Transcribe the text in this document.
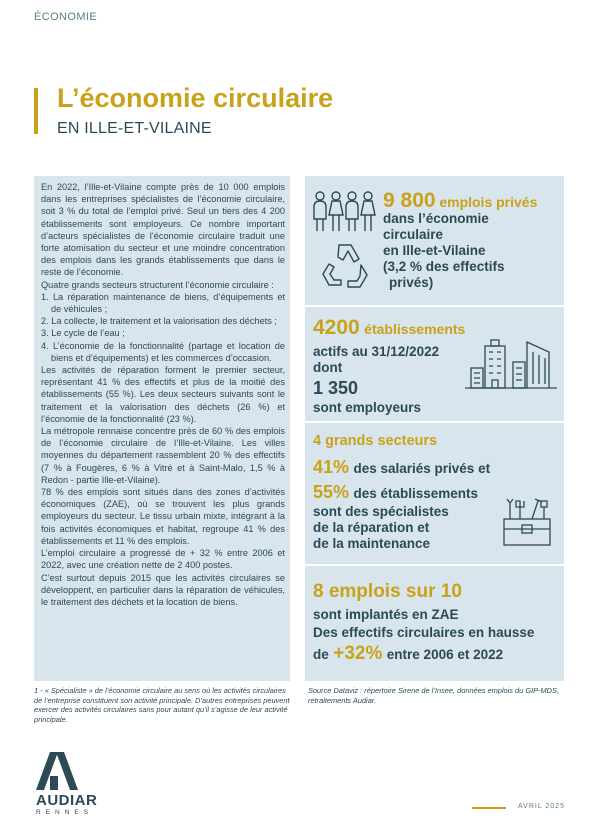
ÉCONOMIE
L’économie circulaire
EN ILLE-ET-VILAINE

En 2022, l’Ille-et-Vilaine compte près de 10 000 emplois dans les entreprises spécialistes de l’économie circulaire, soit 3 % du total de l’emploi privé. Seul un tiers des 4 200 établissements sont employeurs. Ce nombre important d’acteurs spécialistes de l’économie circulaire traduit une forte atomisation du secteur et une moindre concentration des emplois dans les grands établissements que dans le reste de l’économie.

Quatre grands secteurs structurent l’économie circulaire :

1. La réparation maintenance de biens, d’équipements et de véhicules ;
2. La collecte, le traitement et la valorisation des déchets ;
3. Le cycle de l’eau ;
4. L’économie de la fonctionnalité (partage et location de biens et d’équipements) et les commerces d’occasion.

Les activités de réparation forment le premier secteur, représentant 41 % des effectifs et plus de la moitié des établissements (55 %). Les deux secteurs suivants sont le traitement et la valorisation des déchets (26 %) et l’économie de la fonctionnalité (23 %).

La métropole rennaise concentre près de 60 % des emplois de l’économie circulaire de l’Ille-et-Vilaine. Les villes moyennes du département rassemblent 20 % des effectifs (7 % à Fougères, 6 % à Vitré et à Saint-Malo, 1,5 % à Redon - partie Ille-et-Vilaine).

78 % des emplois sont situés dans des zones d’activités économiques (ZAE), où se trouvent les plus grands employeurs du secteur. Le tissu urbain mixte, intégrant à la fois activités économiques et habitat, regroupe 41 % des établissements et 11 % des emplois.

L’emploi circulaire a progressé de + 32 % entre 2006 et 2022, avec une création nette de 2 400 postes.

C’est surtout depuis 2015 que les activités circulaires se développent, en particulier dans la réparation de véhicules, le traitement des déchets et la location de biens.

9 800 emplois privés
dans l’économie
circulaire
en Ille-et-Vilaine
(3,2 % des effectifs
privés)
4200 établissements
actifs au 31/12/2022
dont
1 350
sont employeurs
4 grands secteurs
41% des salariés privés et
55% des établissements
sont des spécialistes
de la réparation et
de la maintenance
8 emplois sur 10
sont implantés en ZAE
Des effectifs circulaires en hausse
de +32% entre 2006 et 2022
1 - « Spécialiste » de l’économie circulaire au sens où les activités circulaires de l’entreprise constituent son activité principale. D’autres entreprises peuvent exercer des activités circulaires sans pour autant qu’il s’agisse de leur activité principale.
Source Dataviz : répertoire Sirene de l’Insee, données emplois du GIP-MDS, retraitements Audiar.
AUDIAR
RENNES
AVRIL 2025
